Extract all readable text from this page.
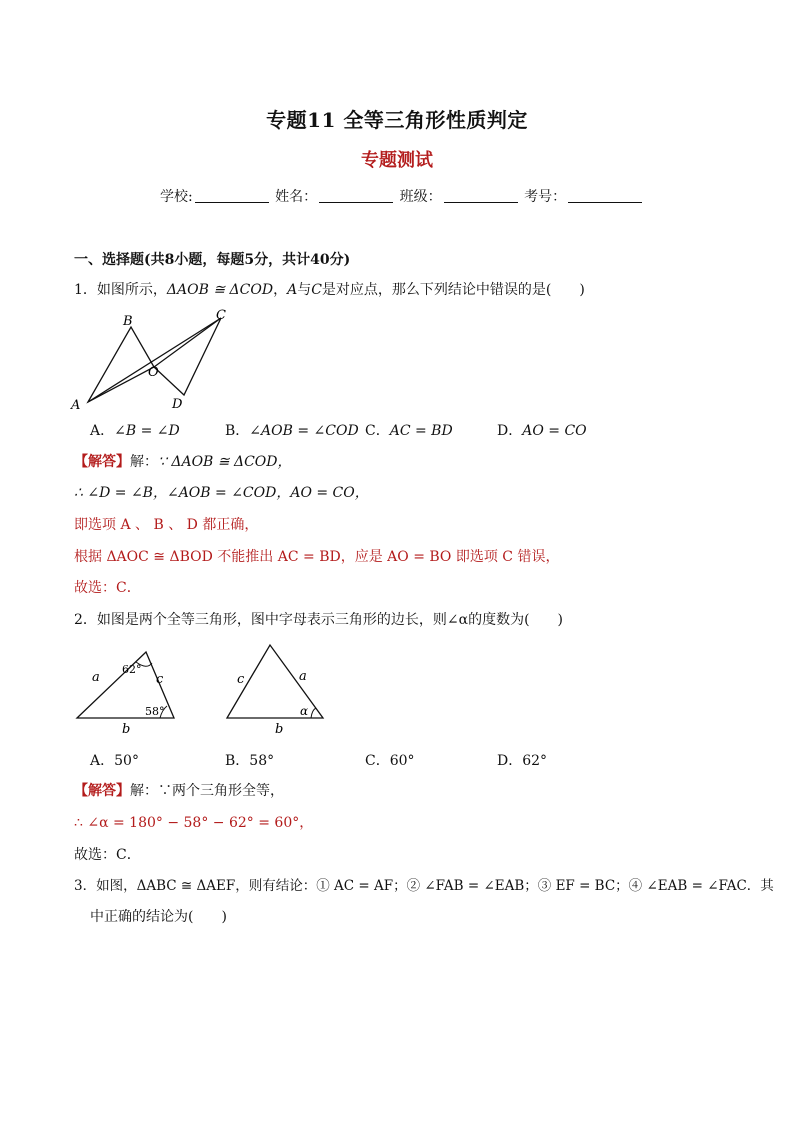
专题11 全等三角形性质判定
专题测试
学校:	姓名：	班级：	考号：
一、选择题(共8小题，每题5分，共计40分)
1．如图所示，ΔAOB ≅ ΔCOD，A与C是对应点，那么下列结论中错误的是(　　)
A
B	C
O
D
A．∠B = ∠D	B．∠AOB = ∠COD C．AC = BD	D．AO = CO
【解答】解：∵ ΔAOB ≅ ΔCOD，
∴ ∠D = ∠B，∠AOB = ∠COD，AO = CO，
即选项 A 、 B 、 D 都正确，
根据 ΔAOC ≅ ΔBOD 不能推出 AC = BD，应是 AO = BO 即选项 C 错误，
故选：C．
2．如图是两个全等三角形，图中字母表示三角形的边长，则∠α的度数为(　　)
a	c
b
62°
58°
c	a
b
α
A．50°	B．58°	C．60°	D．62°
【解答】解：∵两个三角形全等，
∴ ∠α = 180° − 58° − 62° = 60°，
故选：C．
3．如图，ΔABC ≅ ΔAEF，则有结论：① AC = AF；② ∠FAB = ∠EAB；③ EF = BC；④ ∠EAB = ∠FAC．其
中正确的结论为(　　)
